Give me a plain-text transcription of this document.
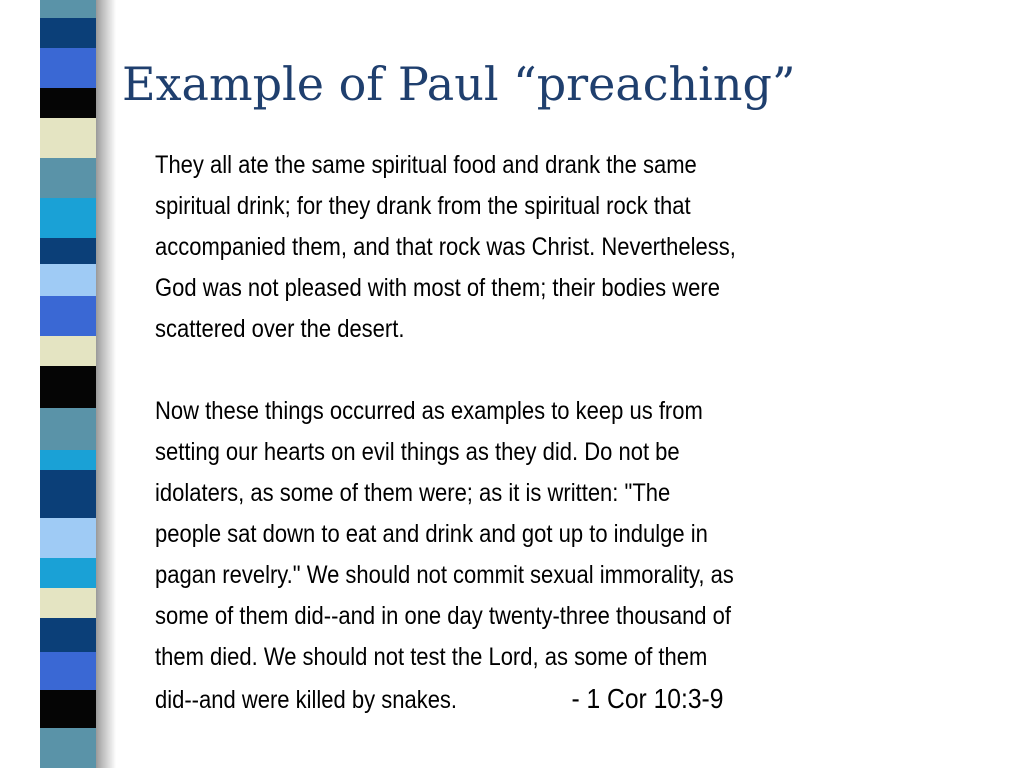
Example of Paul “preaching”

They all ate the same spiritual food and drank the same
spiritual drink; for they drank from the spiritual rock that
accompanied them, and that rock was Christ. Nevertheless,
God was not pleased with most of them; their bodies were
scattered over the desert.

Now these things occurred as examples to keep us from
setting our hearts on evil things as they did. Do not be
idolaters, as some of them were; as it is written: "The
people sat down to eat and drink and got up to indulge in
pagan revelry." We should not commit sexual immorality, as
some of them did--and in one day twenty-three thousand of
them died. We should not test the Lord, as some of them
did--and were killed by snakes.	- 1 Cor 10:3-9
